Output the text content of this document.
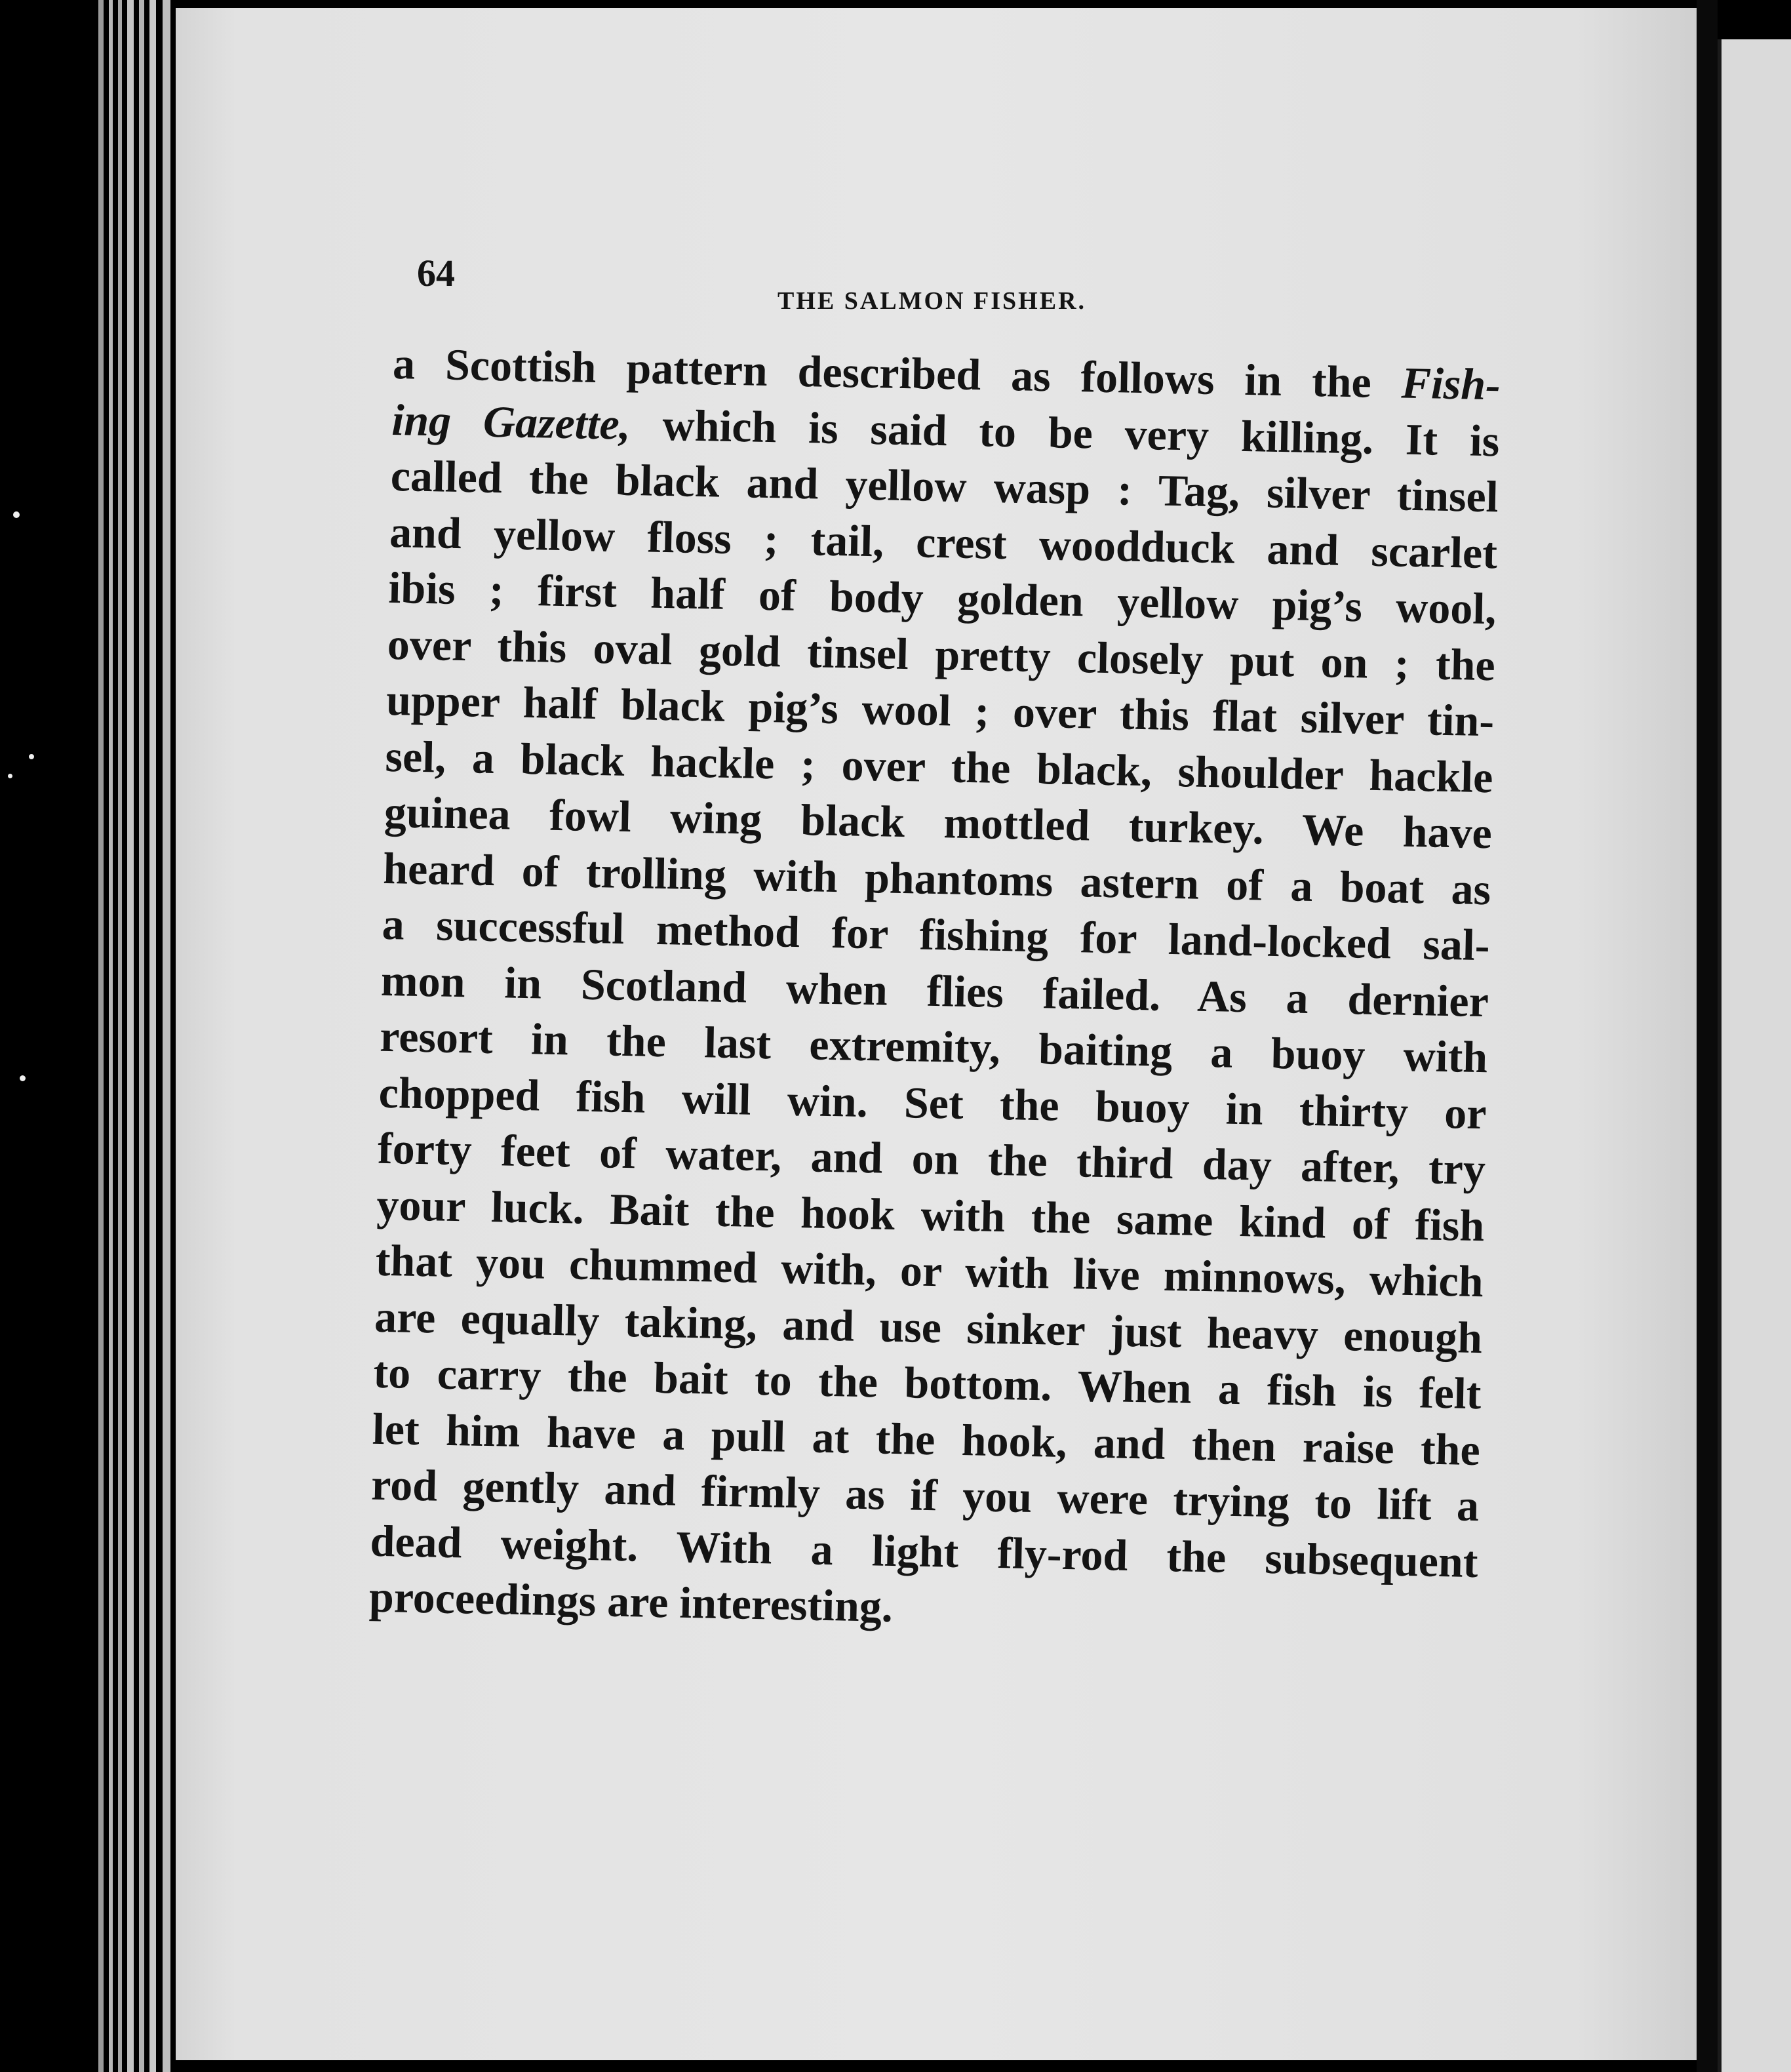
64

THE SALMON FISHER.

a Scottish pattern described as follows in the Fish-
ing Gazette, which is said to be very killing. It is
called the black and yellow wasp : Tag, silver tinsel
and yellow floss ; tail, crest woodduck and scarlet
ibis ; first half of body golden yellow pig’s wool,
over this oval gold tinsel pretty closely put on ; the
upper half black pig’s wool ; over this flat silver tin-
sel, a black hackle ; over the black, shoulder hackle
guinea fowl wing black mottled turkey. We have
heard of trolling with phantoms astern of a boat as
a successful method for fishing for land-locked sal-
mon in Scotland when flies failed. As a dernier
resort in the last extremity, baiting a buoy with
chopped fish will win. Set the buoy in thirty or
forty feet of water, and on the third day after, try
your luck. Bait the hook with the same kind of fish
that you chummed with, or with live minnows, which
are equally taking, and use sinker just heavy enough
to carry the bait to the bottom. When a fish is felt
let him have a pull at the hook, and then raise the
rod gently and firmly as if you were trying to lift a
dead weight. With a light fly-rod the subsequent
proceedings are interesting.
